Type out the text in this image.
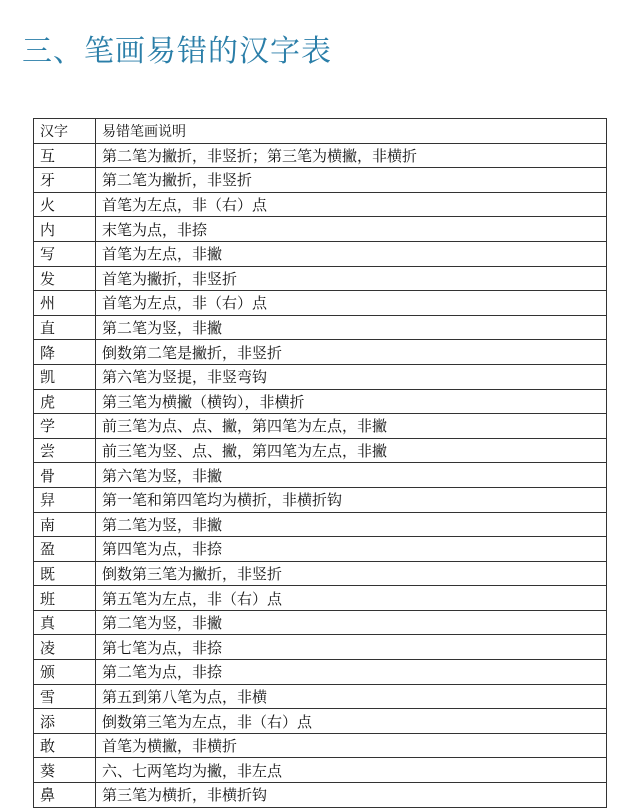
三、笔画易错的汉字表
汉字	易错笔画说明
互	第二笔为撇折，非竖折；第三笔为横撇，非横折
牙	第二笔为撇折，非竖折
火	首笔为左点，非（右）点
内	末笔为点，非捺
写	首笔为左点，非撇
发	首笔为撇折，非竖折
州	首笔为左点，非（右）点
直	第二笔为竖，非撇
降	倒数第二笔是撇折，非竖折
凯	第六笔为竖提，非竖弯钩
虎	第三笔为横撇（横钩），非横折
学	前三笔为点、点、撇，第四笔为左点，非撇
尝	前三笔为竖、点、撇，第四笔为左点，非撇
骨	第六笔为竖，非撇
舁	第一笔和第四笔均为横折，非横折钩
南	第二笔为竖，非撇
盈	第四笔为点，非捺
既	倒数第三笔为撇折，非竖折
班	第五笔为左点，非（右）点
真	第二笔为竖，非撇
凌	第七笔为点，非捺
颁	第二笔为点，非捺
雪	第五到第八笔为点，非横
添	倒数第三笔为左点，非（右）点
敢	首笔为横撇，非横折
葵	六、七两笔均为撇，非左点
鼻	第三笔为横折，非横折钩
